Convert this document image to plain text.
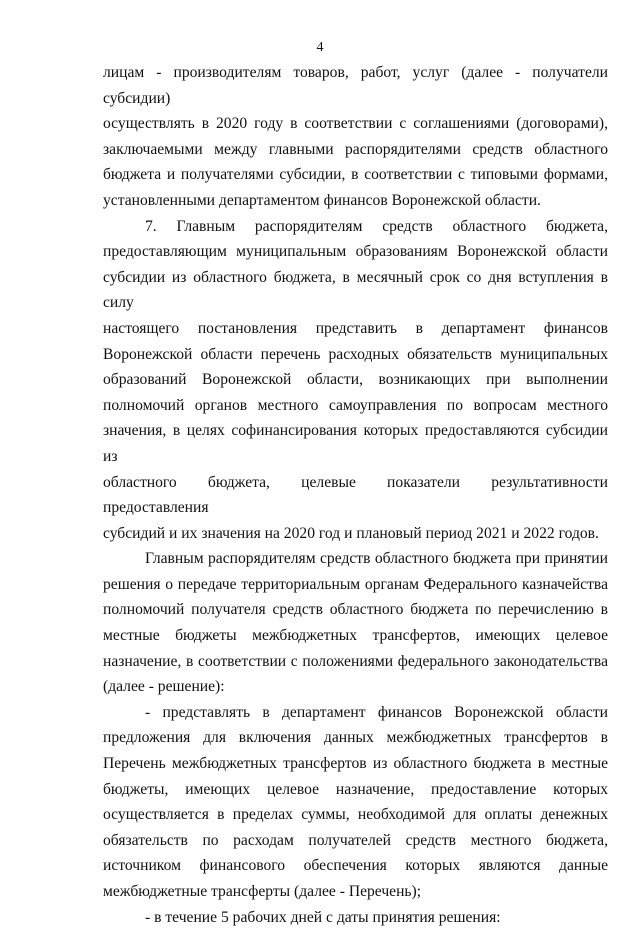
4
лицам - производителям товаров, работ, услуг (далее - получатели субсидии)
осуществлять в 2020 году в соответствии с соглашениями (договорами),
заключаемыми между главными распорядителями средств областного
бюджета и получателями субсидии, в соответствии с типовыми формами,
установленными департаментом финансов Воронежской области.
7. Главным распорядителям средств областного бюджета,
предоставляющим муниципальным образованиям Воронежской области
субсидии из областного бюджета, в месячный срок со дня вступления в силу
настоящего постановления представить в департамент финансов
Воронежской области перечень расходных обязательств муниципальных
образований Воронежской области, возникающих при выполнении
полномочий органов местного самоуправления по вопросам местного
значения, в целях софинансирования которых предоставляются субсидии из
областного бюджета, целевые показатели результативности предоставления
субсидий и их значения на 2020 год и плановый период 2021 и 2022 годов.
Главным распорядителям средств областного бюджета при принятии
решения о передаче территориальным органам Федерального казначейства
полномочий получателя средств областного бюджета по перечислению в
местные бюджеты межбюджетных трансфертов, имеющих целевое
назначение, в соответствии с положениями федерального законодательства
(далее - решение):
- представлять в департамент финансов Воронежской области
предложения для включения данных межбюджетных трансфертов в
Перечень межбюджетных трансфертов из областного бюджета в местные
бюджеты, имеющих целевое назначение, предоставление которых
осуществляется в пределах суммы, необходимой для оплаты денежных
обязательств по расходам получателей средств местного бюджета,
источником финансового обеспечения которых являются данные
межбюджетные трансферты (далее - Перечень);
- в течение 5 рабочих дней с даты принятия решения:
